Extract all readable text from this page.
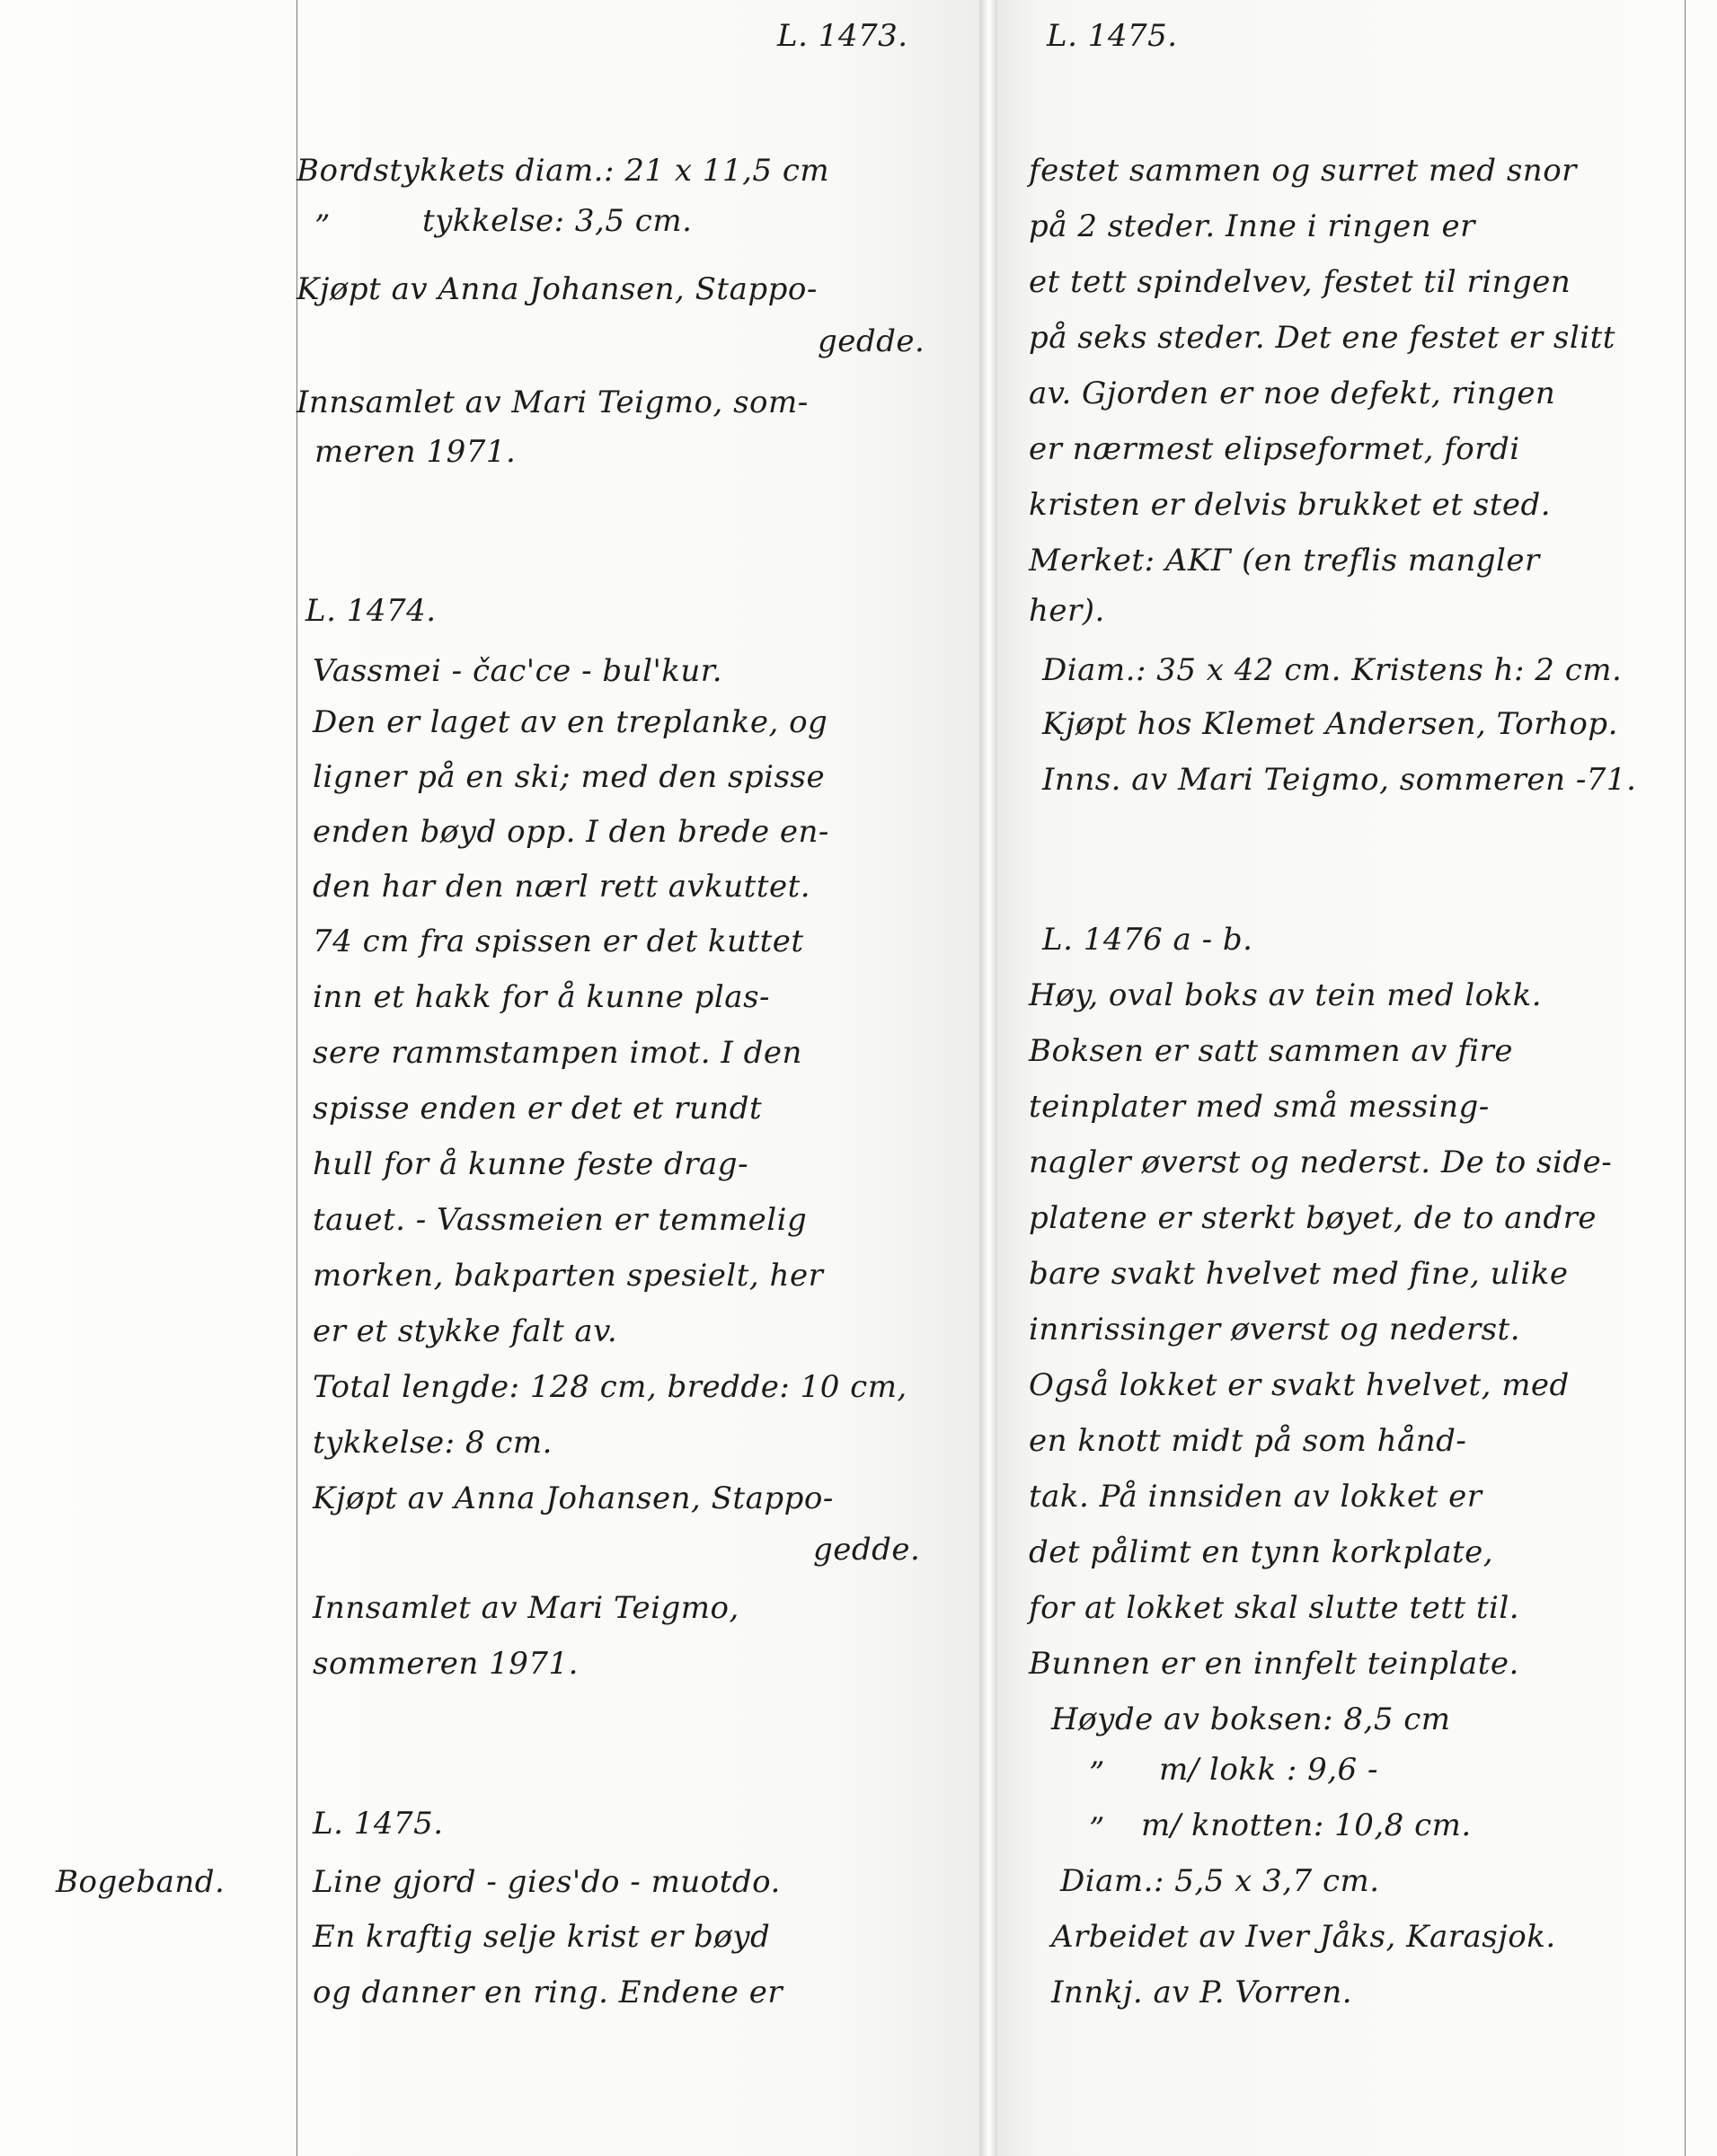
L. 1473.	L. 1475.
Bogeband.
”
”
”
Bordstykkets diam.: 21 x 11,5 cm
tykkelse: 3,5 cm.
Kjøpt av Anna Johansen, Stappo-
gedde.
Innsamlet av Mari Teigmo, som-
meren 1971.
L. 1474.
Vassmei - čac'ce - bul'kur.
Den er laget av en treplanke, og
ligner på en ski; med den spisse
enden bøyd opp. I den brede en-
den har den nærl rett avkuttet.
74 cm fra spissen er det kuttet
inn et hakk for å kunne plas-
sere rammstampen imot. I den
spisse enden er det et rundt
hull for å kunne feste drag-
tauet. - Vassmeien er temmelig
morken, bakparten spesielt, her
er et stykke falt av.
Total lengde: 128 cm, bredde: 10 cm,
tykkelse: 8 cm.
Kjøpt av Anna Johansen, Stappo-
gedde.
Innsamlet av Mari Teigmo,
sommeren 1971.
L. 1475.
Line gjord - gies'do - muotdo.
En kraftig selje krist er bøyd
og danner en ring. Endene er
festet sammen og surret med snor
på 2 steder. Inne i ringen er
et tett spindelvev, festet til ringen
på seks steder. Det ene festet er slitt
av. Gjorden er noe defekt, ringen
er nærmest elipseformet, fordi
kristen er delvis brukket et sted.
Merket: AKГ (en treflis mangler
her).
Diam.: 35 x 42 cm. Kristens h: 2 cm.
Kjøpt hos Klemet Andersen, Torhop.
Inns. av Mari Teigmo, sommeren -71.
L. 1476 a - b.
Høy, oval boks av tein med lokk.
Boksen er satt sammen av fire
teinplater med små messing-
nagler øverst og nederst. De to side-
platene er sterkt bøyet, de to andre
bare svakt hvelvet med fine, ulike
innrissinger øverst og nederst.
Også lokket er svakt hvelvet, med
en knott midt på som hånd-
tak. På innsiden av lokket er
det pålimt en tynn korkplate,
for at lokket skal slutte tett til.
Bunnen er en innfelt teinplate.
Høyde av boksen: 8,5 cm
m/ lokk : 9,6 -
m/ knotten: 10,8 cm.
Diam.: 5,5 x 3,7 cm.
Arbeidet av Iver Jåks, Karasjok.
Innkj. av P. Vorren.
